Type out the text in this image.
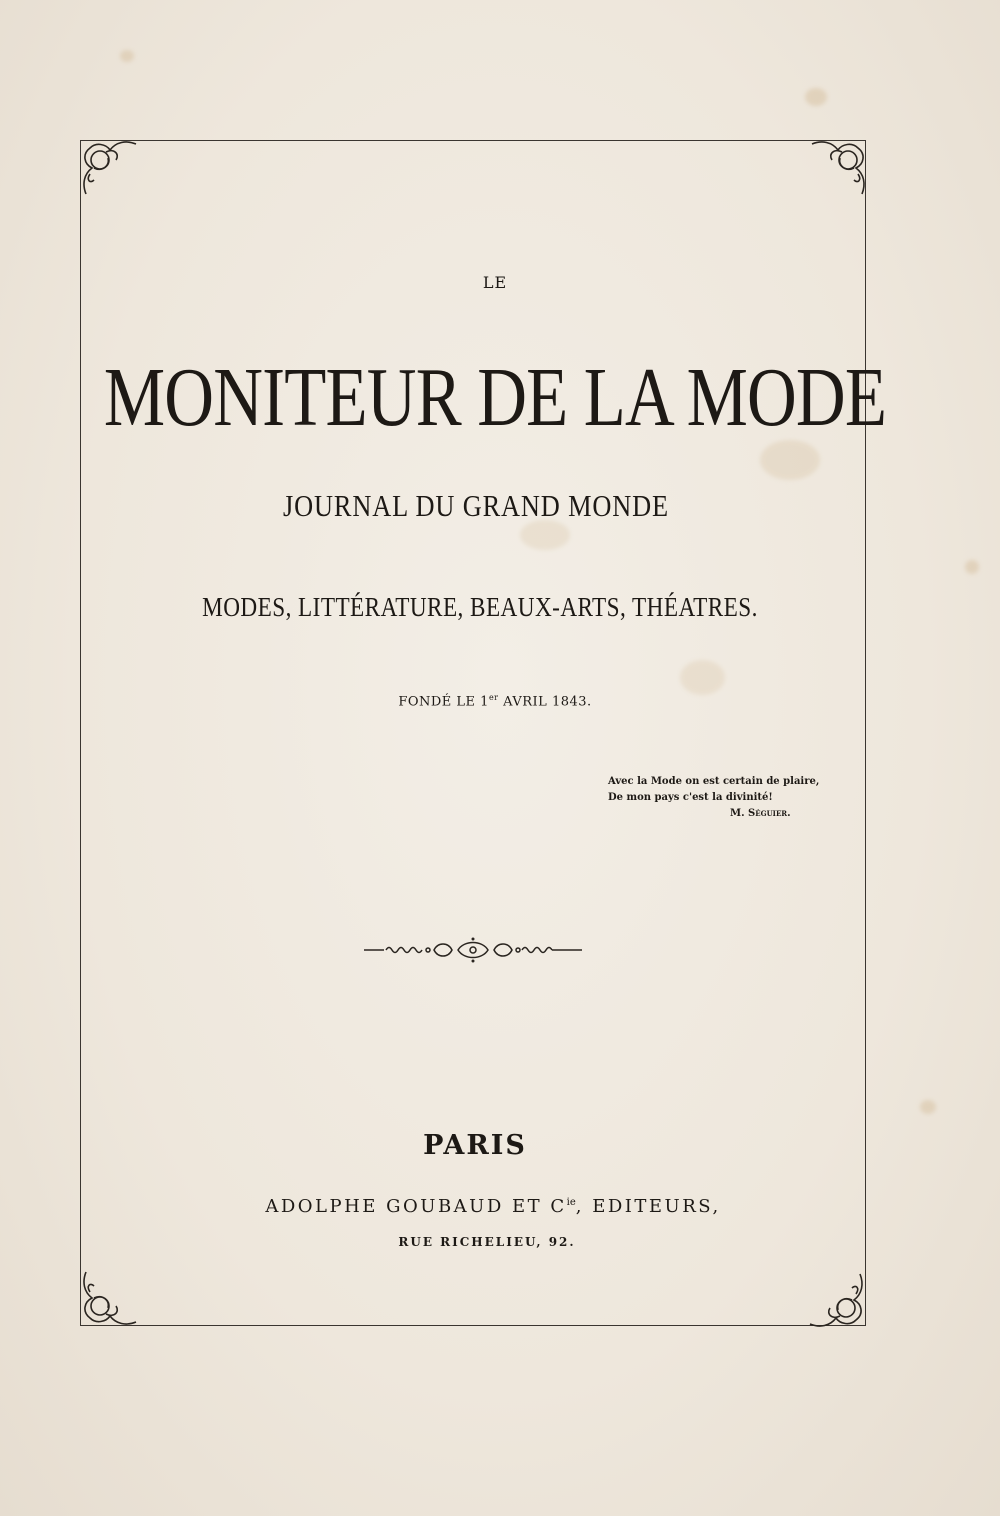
LE
MONITEUR DE LA MODE
JOURNAL DU GRAND MONDE
MODES, LITTÉRATURE, BEAUX-ARTS, THÉATRES.
FONDÉ LE 1er AVRIL 1843.
Avec la Mode on est certain de plaire,
De mon pays c'est la divinité!
M. Séguier.
PARIS
ADOLPHE GOUBAUD ET $C^{ie}$, EDITEURS,
RUE RICHELIEU, 92.
